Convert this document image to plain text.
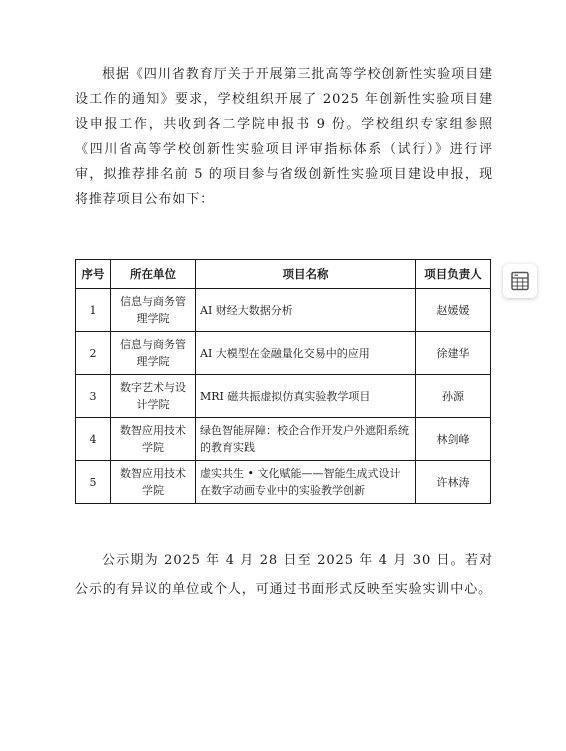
根据《四川省教育厅关于开展第三批高等学校创新性实验项目建设工作的通知》要求，学校组织开展了 2025 年创新性实验项目建设申报工作，共收到各二学院申报书 9 份。学校组织专家组参照《四川省高等学校创新性实验项目评审指标体系（试行）》进行评审，拟推荐排名前 5 的项目参与省级创新性实验项目建设申报，现将推荐项目公布如下：

序号	所在单位	项目名称	项目负责人
1	信息与商务管理学院	AI 财经大数据分析	赵媛媛
2	信息与商务管理学院	AI 大模型在金融量化交易中的应用	徐建华
3	数字艺术与设计学院	MRI 磁共振虚拟仿真实验教学项目	孙源
4	数智应用技术学院	绿色智能屏障：校企合作开发户外遮阳系统的教育实践	林剑峰
5	数智应用技术学院	虚实共生 • 文化赋能——智能生成式设计在数字动画专业中的实验教学创新	许林涛

公示期为 2025 年 4 月 28 日至 2025 年 4 月 30 日。若对公示的有异议的单位或个人，可通过书面形式反映至实验实训中心。
